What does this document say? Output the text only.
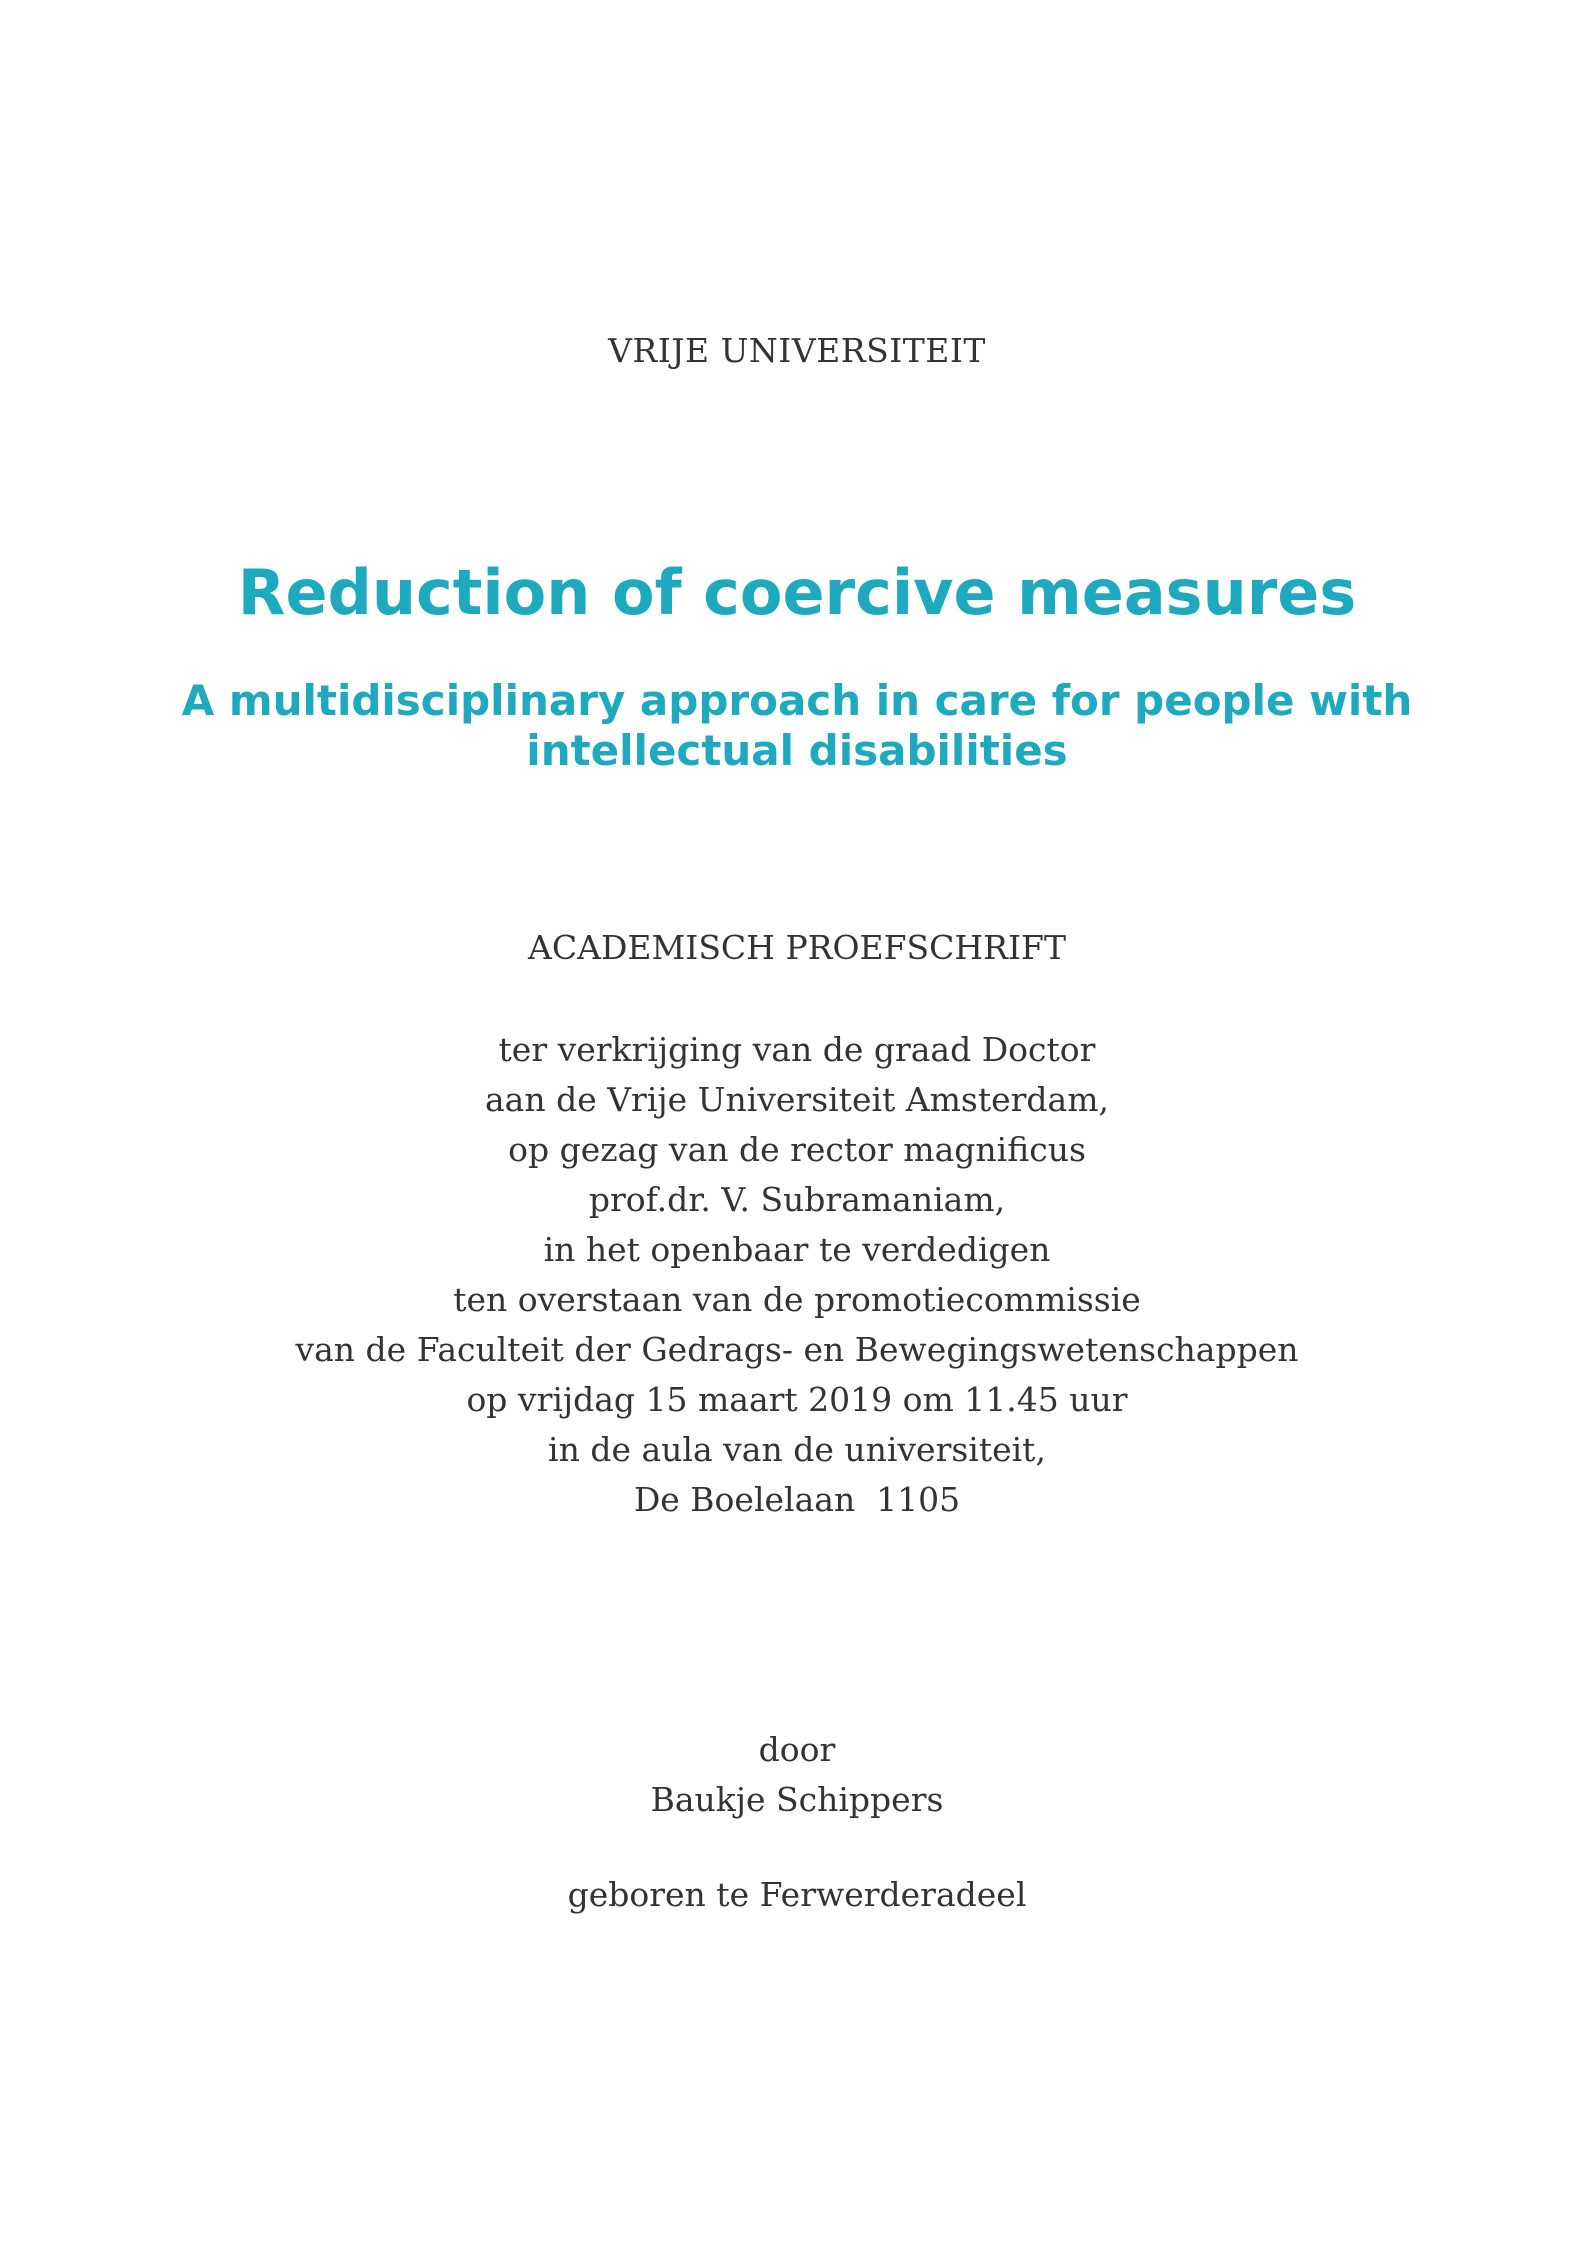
VRIJE UNIVERSITEIT
Reduction of coercive measures
A multidisciplinary approach in care for people with
intellectual disabilities
ACADEMISCH PROEFSCHRIFT
ter verkrijging van de graad Doctor
aan de Vrije Universiteit Amsterdam,
op gezag van de rector magnificus
prof.dr. V. Subramaniam,
in het openbaar te verdedigen
ten overstaan van de promotiecommissie
van de Faculteit der Gedrags- en Bewegingswetenschappen
op vrijdag 15 maart 2019 om 11.45 uur
in de aula van de universiteit,
De Boelelaan  1105
door
Baukje Schippers
geboren te Ferwerderadeel
